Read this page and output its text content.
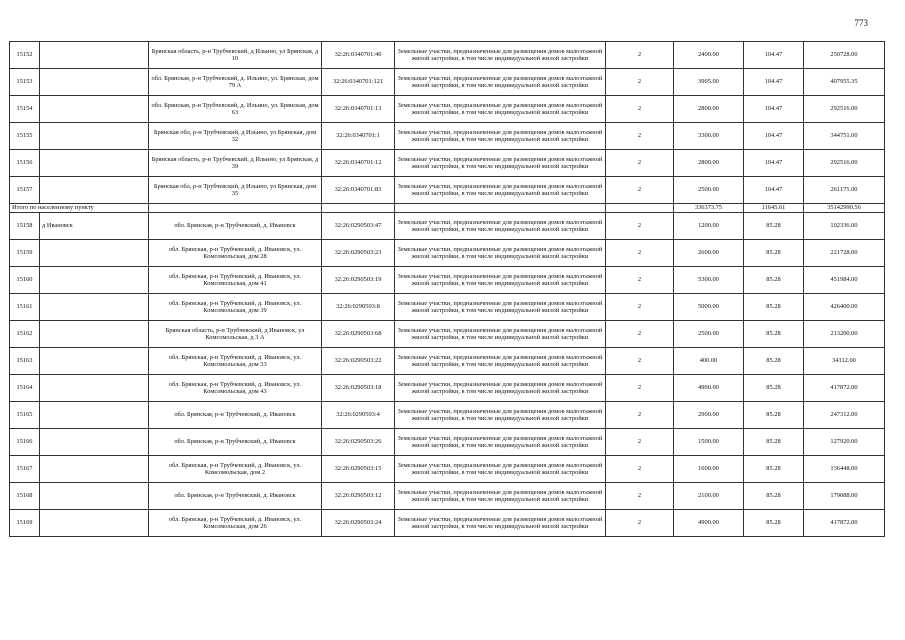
773
15152		Брянская область, р-н Трубчевский, д Ильино, ул Брянская, д 10	32:26:0340701:40	Земельные участки, предназначенные для размещения домов малоэтажной жилой застройки, в том числе индивидуальной жилой застройки	2	2400.00	104.47	250728.00
15153		обл. Брянская, р-н Трубчевский, д. Ильино, ул. Брянская, дом 79 А	32:26:0340701:121	Земельные участки, предназначенные для размещения домов малоэтажной жилой застройки, в том числе индивидуальной жилой застройки	2	3905.00	104.47	407955.35
15154		обл. Брянская, р-н Трубчевский, д. Ильино, ул. Брянская, дом 63	32:26:0340701:13	Земельные участки, предназначенные для размещения домов малоэтажной жилой застройки, в том числе индивидуальной жилой застройки	2	2800.00	104.47	292516.00
15155		Брянская обл, р-н Трубчевский, д Ильино, ул Брянская, дом 32	32:26:0340701:1	Земельные участки, предназначенные для размещения домов малоэтажной жилой застройки, в том числе индивидуальной жилой застройки	2	3300.00	104.47	344751.00
15156		Брянская область, р-н Трубчевский, д Ильино, ул Брянская, д 39	32:26:0340701:12	Земельные участки, предназначенные для размещения домов малоэтажной жилой застройки, в том числе индивидуальной жилой застройки	2	2800.00	104.47	292516.00
15157		Брянская обл, р-н Трубчевский, д Ильино, ул Брянская, дом 35	32:26:0340701:83	Земельные участки, предназначенные для размещения домов малоэтажной жилой застройки, в том числе индивидуальной жилой застройки	2	2500.00	104.47	261175.00
Итого по населенному пункту						336373.75	11645.61	35142990.56
15158	д Ивановск	обл. Брянская, р-н Трубчевский, д. Ивановск	32:26:0290503:47	Земельные участки, предназначенные для размещения домов малоэтажной жилой застройки, в том числе индивидуальной жилой застройки	2	1200.00	85.28	102336.00
15159		обл. Брянская, р-н Трубчевский, д. Ивановск, ул. Комсомольская, дом 28	32:26:0290503:23	Земельные участки, предназначенные для размещения домов малоэтажной жилой застройки, в том числе индивидуальной жилой застройки	2	2600.00	85.28	221728.00
15160		обл. Брянская, р-н Трубчевский, д. Ивановск, ул. Комсомольская, дом 41	32:26:0290503:19	Земельные участки, предназначенные для размещения домов малоэтажной жилой застройки, в том числе индивидуальной жилой застройки	2	5300.00	85.28	451984.00
15161		обл. Брянская, р-н Трубчевский, д. Ивановск, ул. Комсомольская, дом 39	32:26:0290503:8	Земельные участки, предназначенные для размещения домов малоэтажной жилой застройки, в том числе индивидуальной жилой застройки	2	5000.00	85.28	426400.00
15162		Брянская область, р-н Трубчевский, д Ивановск, ул Комсомольская, д 3 А	32:26:0290503:68	Земельные участки, предназначенные для размещения домов малоэтажной жилой застройки, в том числе индивидуальной жилой застройки	2	2500.00	85.28	213200.00
15163		обл. Брянская, р-н Трубчевский, д. Ивановск, ул. Комсомольская, дом 33	32:26:0290503:22	Земельные участки, предназначенные для размещения домов малоэтажной жилой застройки, в том числе индивидуальной жилой застройки	2	400.00	85.28	34112.00
15164		обл. Брянская, р-н Трубчевский, д. Ивановск, ул. Комсомольская, дом 43	32:26:0290503:18	Земельные участки, предназначенные для размещения домов малоэтажной жилой застройки, в том числе индивидуальной жилой застройки	2	4900.00	85.28	417872.00
15165		обл. Брянская, р-н Трубчевский, д. Ивановск	32:26:0290503:4	Земельные участки, предназначенные для размещения домов малоэтажной жилой застройки, в том числе индивидуальной жилой застройки	2	2900.00	85.28	247312.00
15166		обл. Брянская, р-н Трубчевский, д. Ивановск	32:26:0290503:26	Земельные участки, предназначенные для размещения домов малоэтажной жилой застройки, в том числе индивидуальной жилой застройки	2	1500.00	85.28	127920.00
15167		обл. Брянская, р-н Трубчевский, д. Ивановск, ул. Комсомольская, дом 2	32:26:0290503:15	Земельные участки, предназначенные для размещения домов малоэтажной жилой застройки, в том числе индивидуальной жилой застройки	2	1600.00	85.28	136448.00
15168		обл. Брянская, р-н Трубчевский, д. Ивановск	32:26:0290503:12	Земельные участки, предназначенные для размещения домов малоэтажной жилой застройки, в том числе индивидуальной жилой застройки	2	2100.00	85.28	179088.00
15169		обл. Брянская, р-н Трубчевский, д. Ивановск, ул. Комсомольская, дом 26	32:26:0290503:24	Земельные участки, предназначенные для размещения домов малоэтажной жилой застройки, в том числе индивидуальной жилой застройки	2	4900.00	85.28	417872.00
